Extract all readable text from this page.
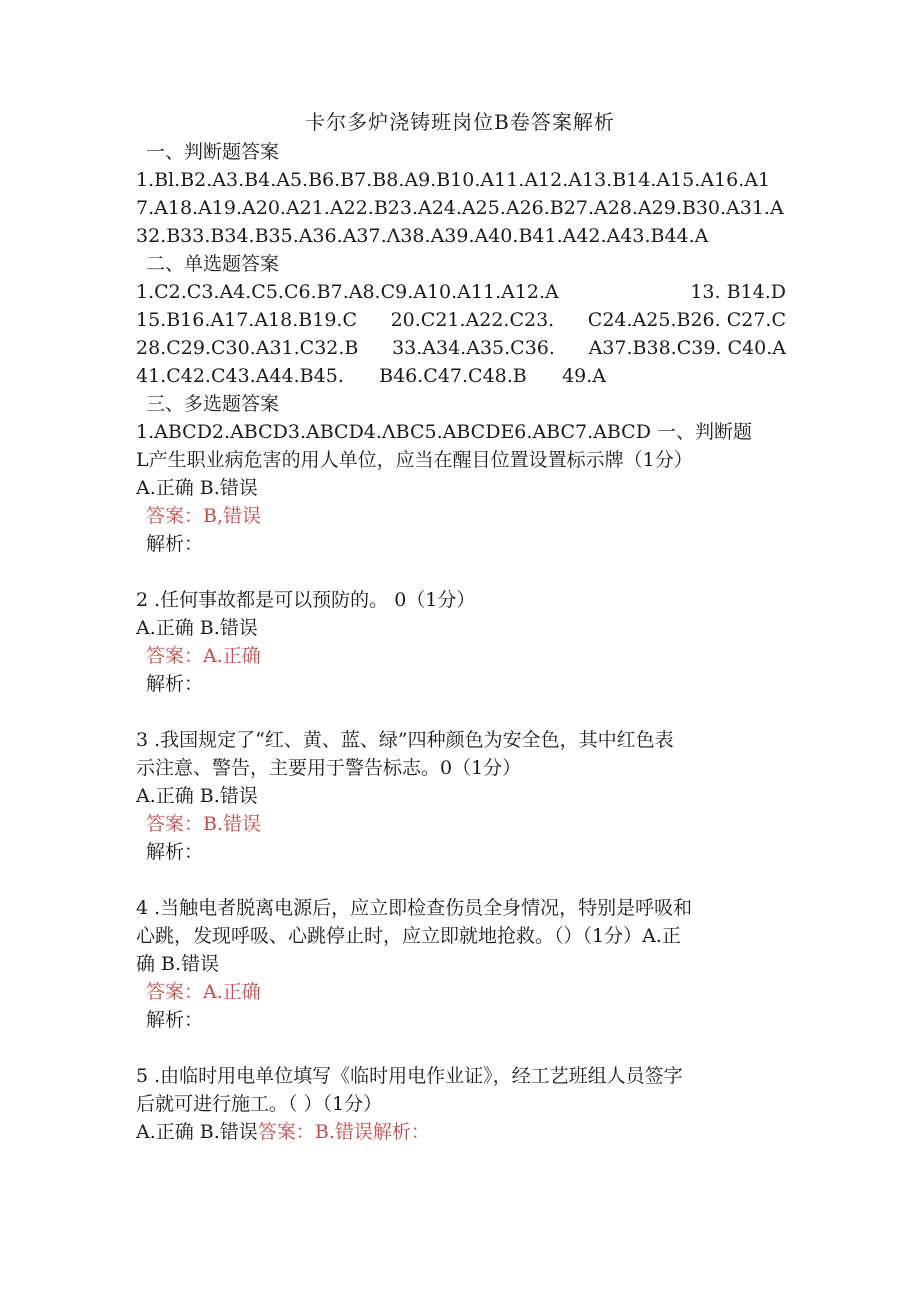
卡尔多炉浇铸班岗位B卷答案解析
一、判断题答案
1.Bl.B2.A3.B4.A5.B6.B7.B8.A9.B10.A11.A12.A13.B14.A15.A16.A1
7.A18.A19.A20.A21.A22.B23.A24.A25.A26.B27.A28.A29.B30.A31.A
32.B33.B34.B35.A36.A37.Λ38.A39.A40.B41.A42.A43.B44.A
二、单选题答案
1.C2.C3.A4.C5.C6.B7.A8.C9.A10.A11.A12.A	13. B14.D
15.B16.A17.A18.B19.C 20.C21.A22.C23. C24.A25.B26. C27.C
28.C29.C30.A31.C32.B 33.A34.A35.C36. A37.B38.C39. C40.A
41.C42.C43.A44.B45. B46.C47.C48.B 49.A
三、多选题答案
1.ABCD2.ABCD3.ABCD4.ΛBC5.ABCDE6.ABC7.ABCD 一、判断题
L产生职业病危害的用人单位，应当在醒目位置设置标示牌（1分）
A.正确 B.错误
答案：B,错误
解析：
2 .任何事故都是可以预防的。 0（1分）
A.正确 B.错误
答案：A.正确
解析：
3 .我国规定了“红、黄、蓝、绿”四种颜色为安全色，其中红色表
示注意、警告，主要用于警告标志。0（1分）
A.正确 B.错误
答案：B.错误
解析：
4 .当触电者脱离电源后，应立即检查伤员全身情况，特别是呼吸和
心跳，发现呼吸、心跳停止时，应立即就地抢救。（）（1分）A.正
确 B.错误
答案：A.正确
解析：
5 .由临时用电单位填写《临时用电作业证》，经工艺班组人员签字
后就可进行施工。（ ）（1分）
A.正确 B.错误答案：B.错误解析：
